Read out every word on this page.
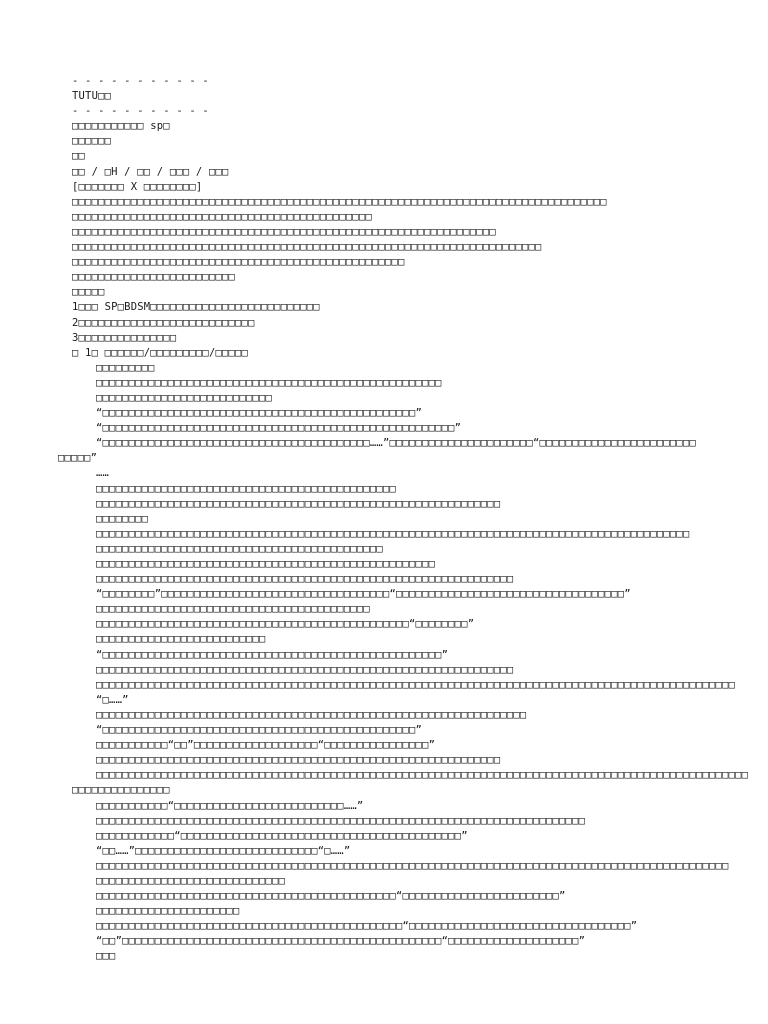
- - - - - - - - - - -
TUTU□□
- - - - - - - - - - -
□□□□□□□□□□□ sp□
□□□□□□
□□
□□ / □H / □□ / □□□ / □□□
[□□□□□□□ X □□□□□□□□]
□□□□□□□□□□□□□□□□□□□□□□□□□□□□□□□□□□□□□□□□□□□□□□□□□□□□□□□□□□□□□□□□□□□□□□□□□□□□□□□□□□
□□□□□□□□□□□□□□□□□□□□□□□□□□□□□□□□□□□□□□□□□□□□□□
□□□□□□□□□□□□□□□□□□□□□□□□□□□□□□□□□□□□□□□□□□□□□□□□□□□□□□□□□□□□□□□□□
□□□□□□□□□□□□□□□□□□□□□□□□□□□□□□□□□□□□□□□□□□□□□□□□□□□□□□□□□□□□□□□□□□□□□□□□
□□□□□□□□□□□□□□□□□□□□□□□□□□□□□□□□□□□□□□□□□□□□□□□□□□□
□□□□□□□□□□□□□□□□□□□□□□□□□
□□□□□
1□□□ SP□BDSM□□□□□□□□□□□□□□□□□□□□□□□□□□
2□□□□□□□□□□□□□□□□□□□□□□□□□□□
3□□□□□□□□□□□□□□□
□ 1□ □□□□□□/□□□□□□□□□/□□□□□
□□□□□□□□□
□□□□□□□□□□□□□□□□□□□□□□□□□□□□□□□□□□□□□□□□□□□□□□□□□□□□□
□□□□□□□□□□□□□□□□□□□□□□□□□□□
“□□□□□□□□□□□□□□□□□□□□□□□□□□□□□□□□□□□□□□□□□□□□□□□□”
“□□□□□□□□□□□□□□□□□□□□□□□□□□□□□□□□□□□□□□□□□□□□□□□□□□□□□□”
“□□□□□□□□□□□□□□□□□□□□□□□□□□□□□□□□□□□□□□□□□……”□□□□□□□□□□□□□□□□□□□□□□“□□□□□□□□□□□□□□□□□□□□□□□□
□□□□□”
……
□□□□□□□□□□□□□□□□□□□□□□□□□□□□□□□□□□□□□□□□□□□□□□
□□□□□□□□□□□□□□□□□□□□□□□□□□□□□□□□□□□□□□□□□□□□□□□□□□□□□□□□□□□□□□
□□□□□□□□
□□□□□□□□□□□□□□□□□□□□□□□□□□□□□□□□□□□□□□□□□□□□□□□□□□□□□□□□□□□□□□□□□□□□□□□□□□□□□□□□□□□□□□□□□□□
□□□□□□□□□□□□□□□□□□□□□□□□□□□□□□□□□□□□□□□□□□□□
□□□□□□□□□□□□□□□□□□□□□□□□□□□□□□□□□□□□□□□□□□□□□□□□□□□□
□□□□□□□□□□□□□□□□□□□□□□□□□□□□□□□□□□□□□□□□□□□□□□□□□□□□□□□□□□□□□□□□
“□□□□□□□□”□□□□□□□□□□□□□□□□□□□□□□□□□□□□□□□□□□□“□□□□□□□□□□□□□□□□□□□□□□□□□□□□□□□□□□□”
□□□□□□□□□□□□□□□□□□□□□□□□□□□□□□□□□□□□□□□□□□
□□□□□□□□□□□□□□□□□□□□□□□□□□□□□□□□□□□□□□□□□□□□□□□□“□□□□□□□□”
□□□□□□□□□□□□□□□□□□□□□□□□□□
“□□□□□□□□□□□□□□□□□□□□□□□□□□□□□□□□□□□□□□□□□□□□□□□□□□□□”
□□□□□□□□□□□□□□□□□□□□□□□□□□□□□□□□□□□□□□□□□□□□□□□□□□□□□□□□□□□□□□□□
□□□□□□□□□□□□□□□□□□□□□□□□□□□□□□□□□□□□□□□□□□□□□□□□□□□□□□□□□□□□□□□□□□□□□□□□□□□□□□□□□□□□□□□□□□□□□□□□□□
“□……”
□□□□□□□□□□□□□□□□□□□□□□□□□□□□□□□□□□□□□□□□□□□□□□□□□□□□□□□□□□□□□□□□□□
“□□□□□□□□□□□□□□□□□□□□□□□□□□□□□□□□□□□□□□□□□□□□□□□□”
□□□□□□□□□□□“□□”□□□□□□□□□□□□□□□□□□□“□□□□□□□□□□□□□□□□”
□□□□□□□□□□□□□□□□□□□□□□□□□□□□□□□□□□□□□□□□□□□□□□□□□□□□□□□□□□□□□□
□□□□□□□□□□□□□□□□□□□□□□□□□□□□□□□□□□□□□□□□□□□□□□□□□□□□□□□□□□□□□□□□□□□□□□□□□□□□□□□□□□□□□□□□□□□□□□□□□□□□
□□□□□□□□□□□□□□□
□□□□□□□□□□□“□□□□□□□□□□□□□□□□□□□□□□□□□□……”
□□□□□□□□□□□□□□□□□□□□□□□□□□□□□□□□□□□□□□□□□□□□□□□□□□□□□□□□□□□□□□□□□□□□□□□□□□□
□□□□□□□□□□□□“□□□□□□□□□□□□□□□□□□□□□□□□□□□□□□□□□□□□□□□□□□□”
“□□……”□□□□□□□□□□□□□□□□□□□□□□□□□□□□“□……”
□□□□□□□□□□□□□□□□□□□□□□□□□□□□□□□□□□□□□□□□□□□□□□□□□□□□□□□□□□□□□□□□□□□□□□□□□□□□□□□□□□□□□□□□□□□□□□□□□
□□□□□□□□□□□□□□□□□□□□□□□□□□□□□
□□□□□□□□□□□□□□□□□□□□□□□□□□□□□□□□□□□□□□□□□□□□□□“□□□□□□□□□□□□□□□□□□□□□□□□”
□□□□□□□□□□□□□□□□□□□□□□
□□□□□□□□□□□□□□□□□□□□□□□□□□□□□□□□□□□□□□□□□□□□□□□“□□□□□□□□□□□□□□□□□□□□□□□□□□□□□□□□□□”
“□□”□□□□□□□□□□□□□□□□□□□□□□□□□□□□□□□□□□□□□□□□□□□□□□□□□“□□□□□□□□□□□□□□□□□□□□”
□□□
